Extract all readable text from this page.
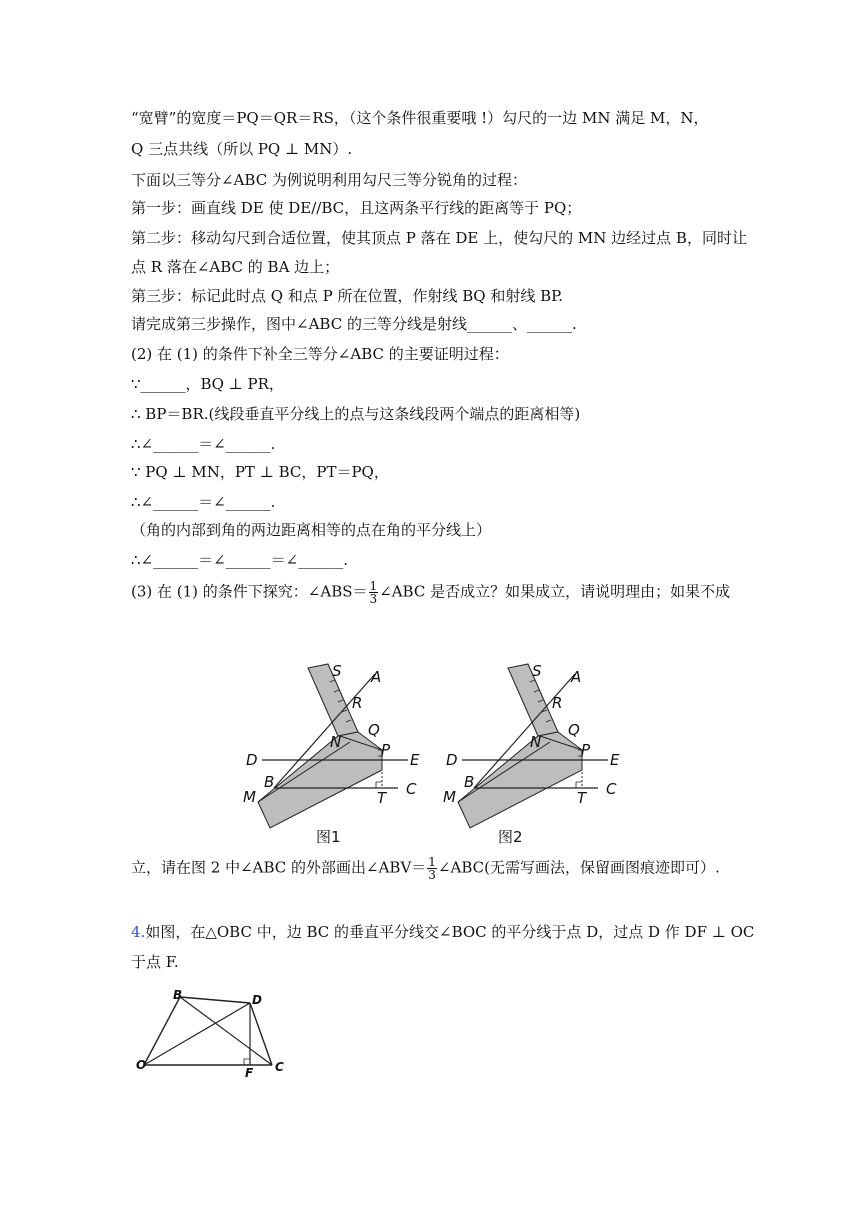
“宽臂”的宽度＝PQ＝QR＝RS，（这个条件很重要哦 !）勾尺的一边 MN 满足 M，N，
Q 三点共线（所以 PQ ⊥ MN）.
下面以三等分∠ABC 为例说明利用勾尺三等分锐角的过程：
第一步：画直线 DE 使 DE//BC，且这两条平行线的距离等于 PQ；
第二步：移动勾尺到合适位置，使其顶点 P 落在 DE 上，使勾尺的 MN 边经过点 B，同时让
点 R 落在∠ABC 的 BA 边上；
第三步：标记此时点 Q 和点 P 所在位置，作射线 BQ 和射线 BP.
请完成第三步操作，图中∠ABC 的三等分线是射线______、______.
(2) 在 (1) 的条件下补全三等分∠ABC 的主要证明过程：
∵______，BQ ⊥ PR，
∴ BP＝BR.(线段垂直平分线上的点与这条线段两个端点的距离相等)
∴∠______＝∠______.
∵ PQ ⊥ MN，PT ⊥ BC，PT＝PQ，
∴∠______＝∠______.
（角的内部到角的两边距离相等的点在角的平分线上）
∴∠______＝∠______＝∠______.
(3) 在 (1) 的条件下探究：∠ABS＝ $\frac{1}{3}$ ∠ABC 是否成立？如果成立，请说明理由；如果不成
S A
R
Q
N	P
D	E
B	C
M	T
图1
S A
R
Q
N	P
D	E
B	C
M	T
图2
立，请在图 2 中∠ABC 的外部画出∠ABV＝ $\frac{1}{3}$ ∠ABC(无需写画法，保留画图痕迹即可）.
4.如图，在△OBC 中，边 BC 的垂直平分线交∠BOC 的平分线于点 D，过点 D 作 DF ⊥ OC
于点 F.
B	D
O
F C
